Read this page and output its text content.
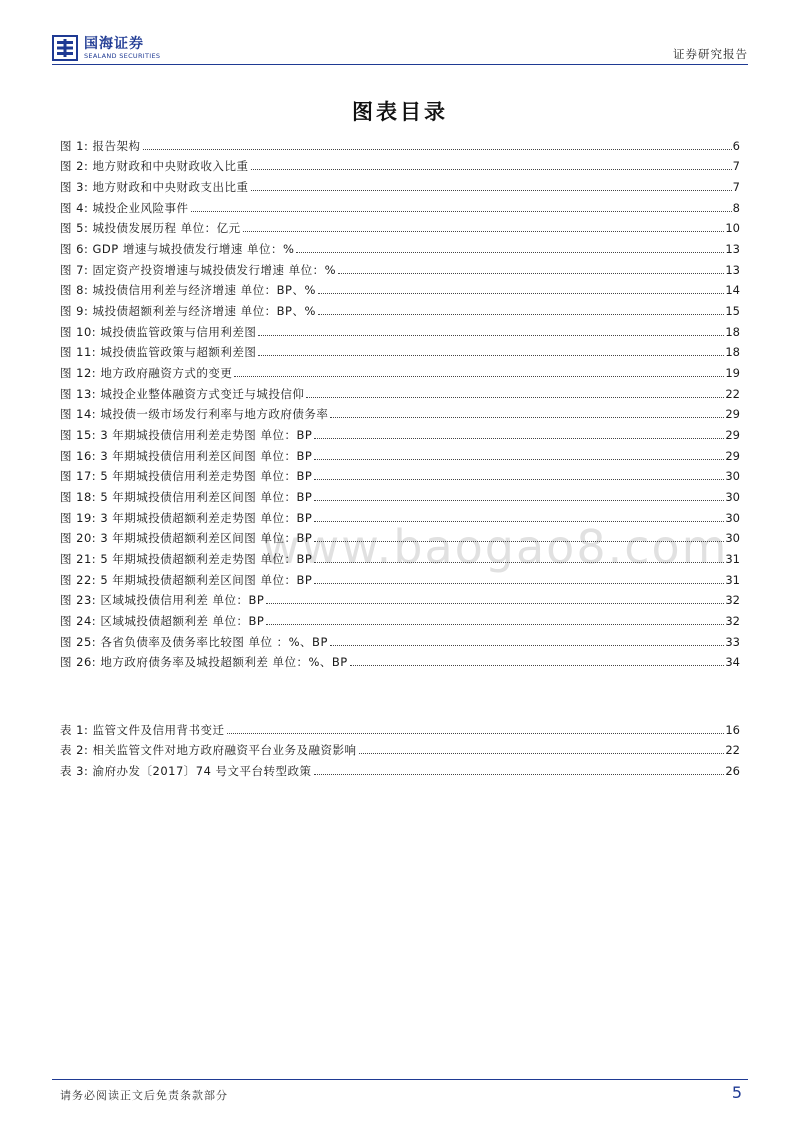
国海证券
SEALAND SECURITIES	证券研究报告
图表目录
www.baogao8.com
图 1: 报告架构	6
图 2: 地方财政和中央财政收入比重	7
图 3: 地方财政和中央财政支出比重	7
图 4: 城投企业风险事件	8
图 5: 城投债发展历程 单位：亿元	10
图 6: GDP 增速与城投债发行增速 单位：%	13
图 7: 固定资产投资增速与城投债发行增速 单位：%	13
图 8: 城投债信用利差与经济增速 单位：BP、%	14
图 9: 城投债超额利差与经济增速 单位：BP、%	15
图 10: 城投债监管政策与信用利差图	18
图 11: 城投债监管政策与超额利差图	18
图 12: 地方政府融资方式的变更	19
图 13: 城投企业整体融资方式变迁与城投信仰	22
图 14: 城投债一级市场发行利率与地方政府债务率	29
图 15: 3 年期城投债信用利差走势图 单位：BP	29
图 16: 3 年期城投债信用利差区间图 单位：BP	29
图 17: 5 年期城投债信用利差走势图 单位：BP	30
图 18: 5 年期城投债信用利差区间图 单位：BP	30
图 19: 3 年期城投债超额利差走势图 单位：BP	30
图 20: 3 年期城投债超额利差区间图 单位：BP	30
图 21: 5 年期城投债超额利差走势图 单位：BP	31
图 22: 5 年期城投债超额利差区间图 单位：BP	31
图 23: 区域城投债信用利差 单位：BP	32
图 24: 区域城投债超额利差 单位：BP	32
图 25: 各省负债率及债务率比较图 单位 ：%、BP	33
图 26: 地方政府债务率及城投超额利差 单位：%、BP	34
表 1: 监管文件及信用背书变迁	16
表 2: 相关监管文件对地方政府融资平台业务及融资影响	22
表 3: 渝府办发〔2017〕74 号文平台转型政策	26
请务必阅读正文后免责条款部分	5
